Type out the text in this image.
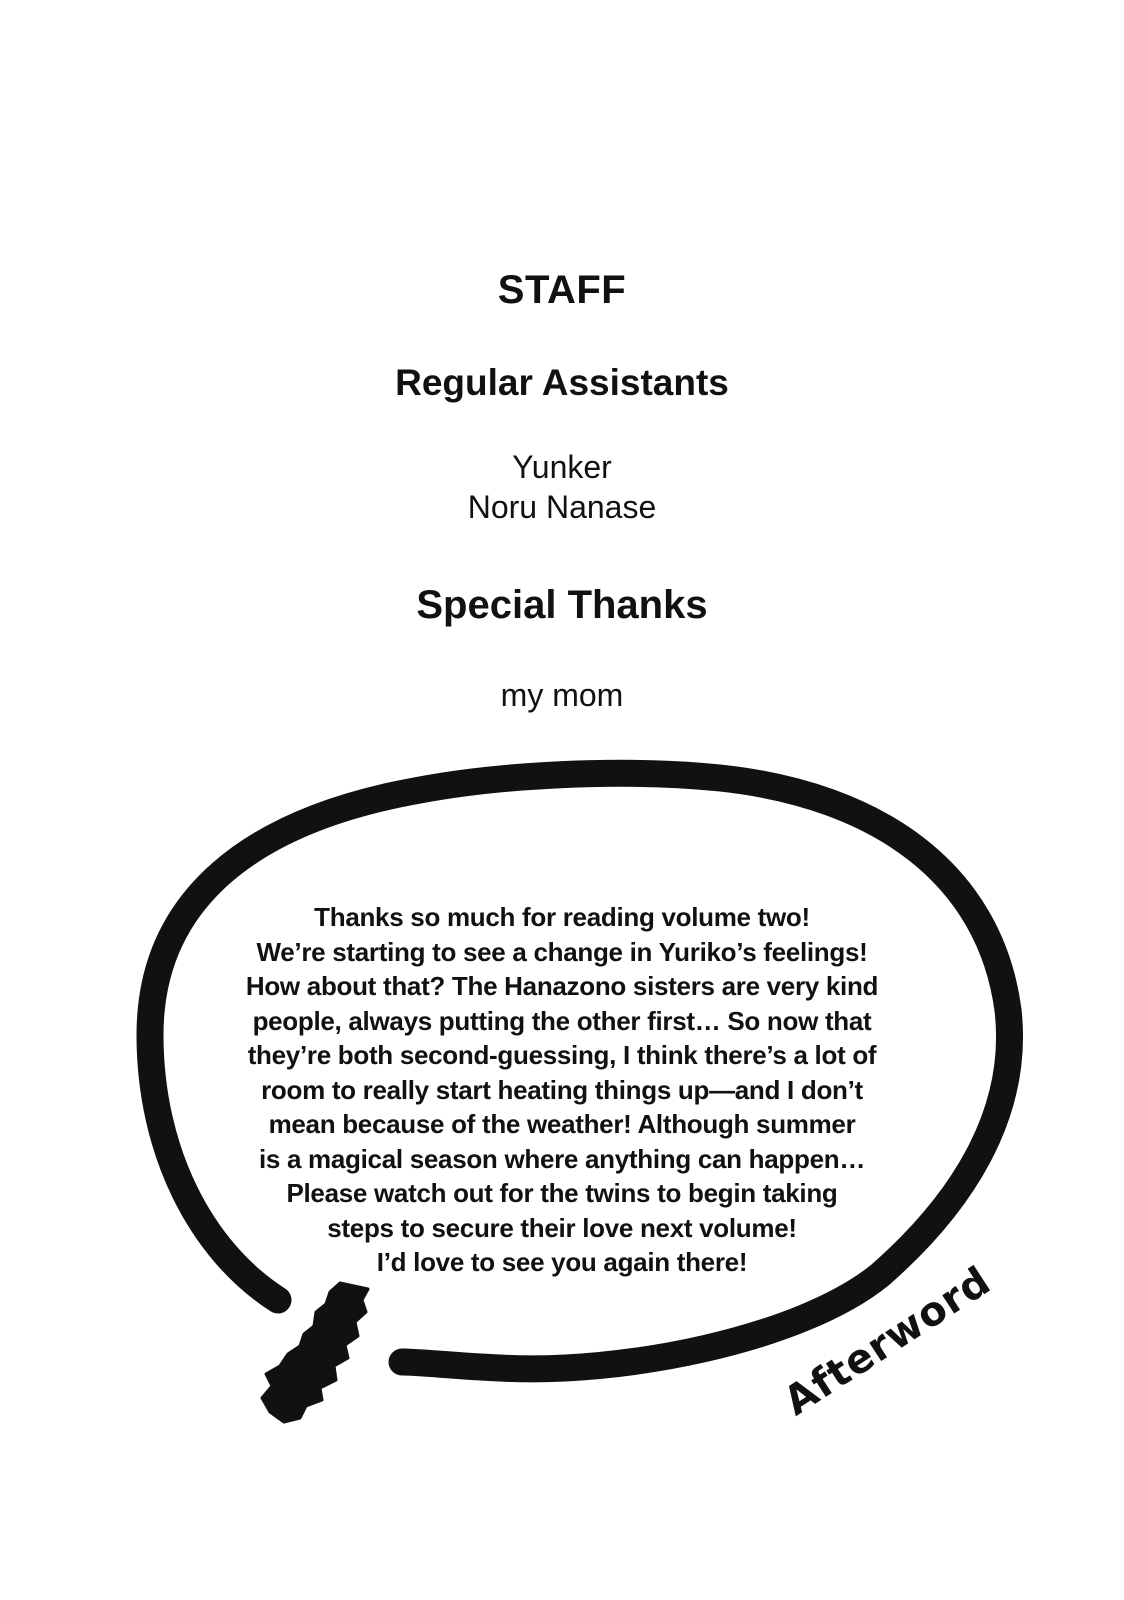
STAFF
Regular Assistants
Yunker
Noru Nanase
Special Thanks
my mom
Thanks so much for reading volume two!
We’re starting to see a change in Yuriko’s feelings!
How about that? The Hanazono sisters are very kind
people, always putting the other first… So now that
they’re both second-guessing, I think there’s a lot of
room to really start heating things up—and I don’t
mean because of the weather! Although summer
is a magical season where anything can happen…
Please watch out for the twins to begin taking
steps to secure their love next volume!
I’d love to see you again there! Afterword
